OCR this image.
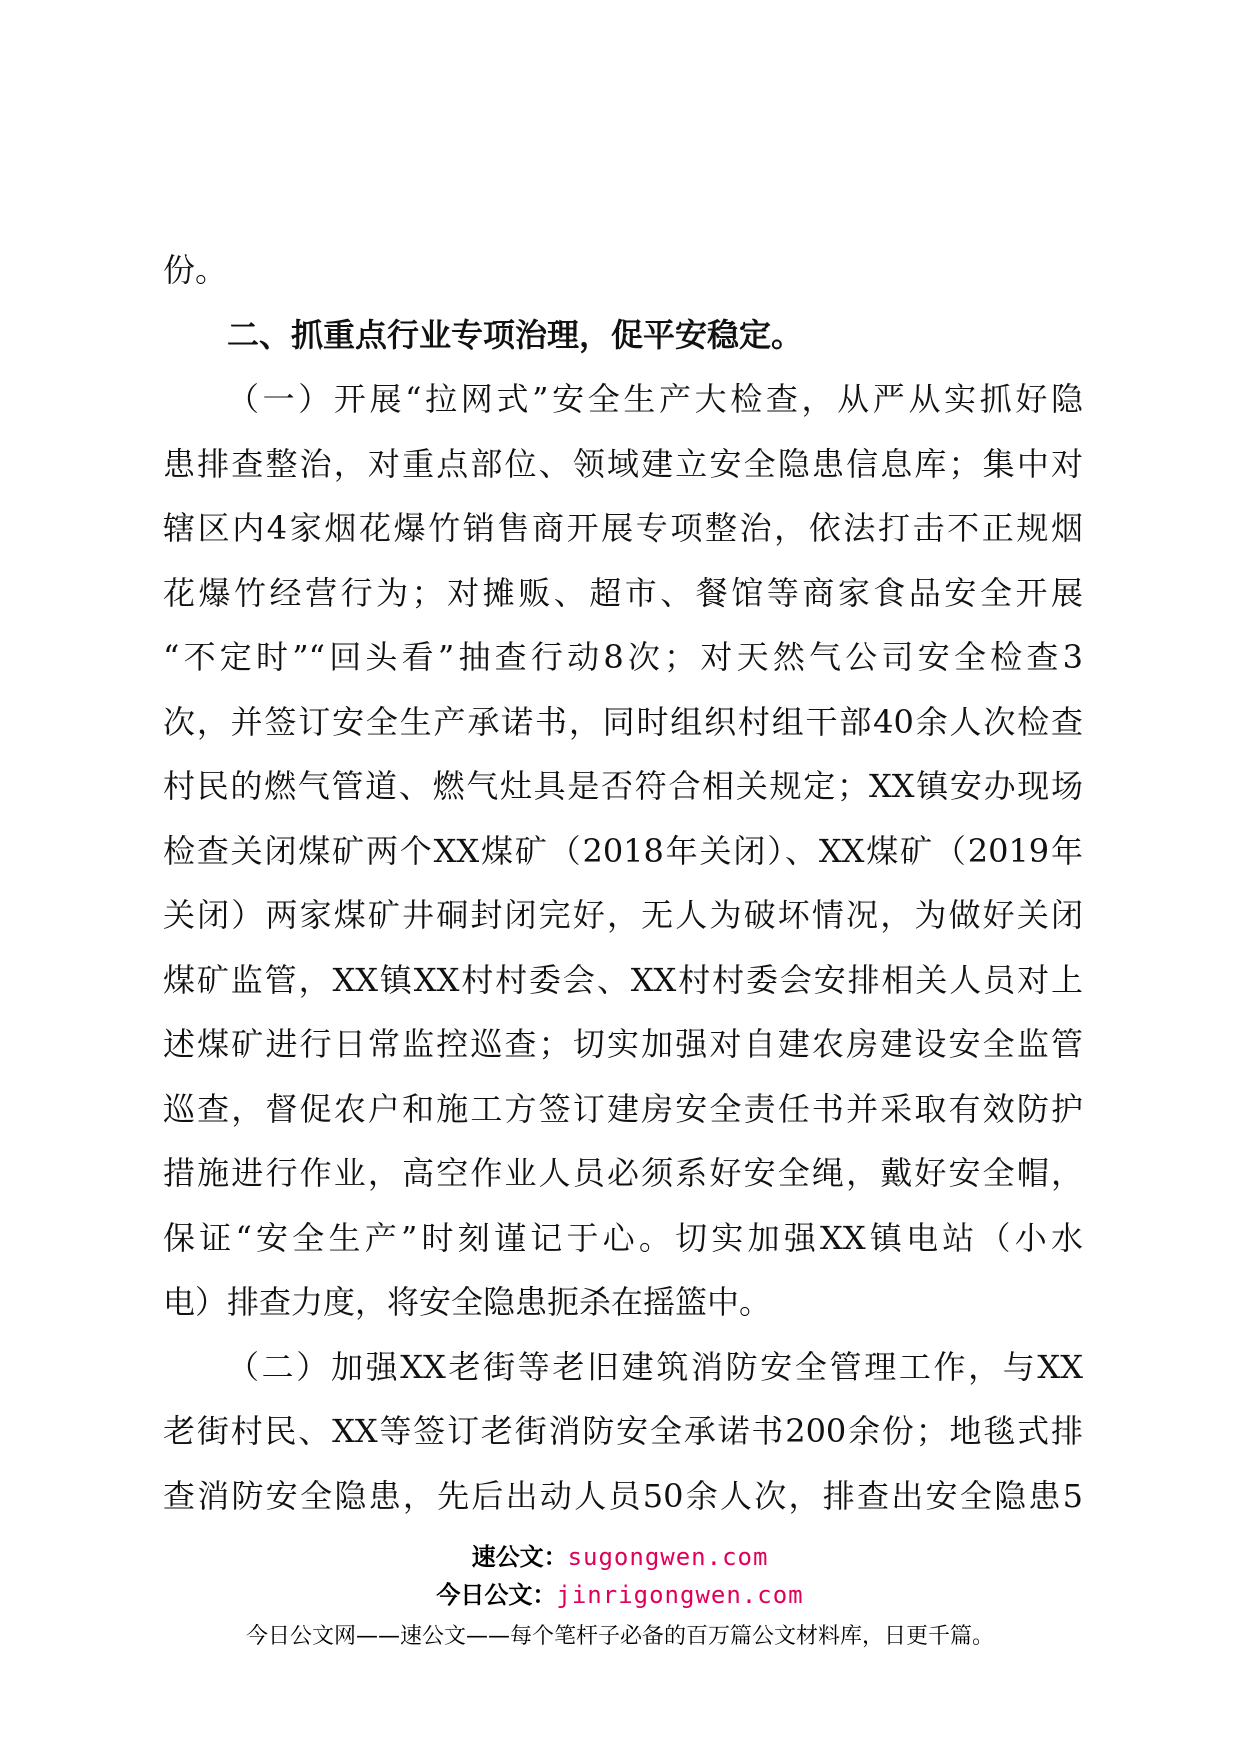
份。
二、抓重点行业专项治理，促平安稳定。
（一）开展“拉网式”安全生产大检查，从严从实抓好隐
患排查整治，对重点部位、领域建立安全隐患信息库；集中对
辖区内4家烟花爆竹销售商开展专项整治，依法打击不正规烟
花爆竹经营行为；对摊贩、超市、餐馆等商家食品安全开展
“不定时”“回头看”抽查行动8次；对天然气公司安全检查3
次，并签订安全生产承诺书，同时组织村组干部40余人次检查
村民的燃气管道、燃气灶具是否符合相关规定；XX镇安办现场
检查关闭煤矿两个XX煤矿（2018年关闭）、XX煤矿（2019年
关闭）两家煤矿井硐封闭完好，无人为破坏情况，为做好关闭
煤矿监管，XX镇XX村村委会、XX村村委会安排相关人员对上
述煤矿进行日常监控巡查；切实加强对自建农房建设安全监管
巡查，督促农户和施工方签订建房安全责任书并采取有效防护
措施进行作业，高空作业人员必须系好安全绳，戴好安全帽，
保证“安全生产”时刻谨记于心。切实加强XX镇电站（小水
电）排查力度，将安全隐患扼杀在摇篮中。
（二）加强XX老街等老旧建筑消防安全管理工作，与XX
老街村民、XX等签订老街消防安全承诺书200余份；地毯式排
查消防安全隐患，先后出动人员50余人次，排查出安全隐患5
速公文：sugongwen.com
今日公文：jinrigongwen.com
今日公文网——速公文——每个笔杆子必备的百万篇公文材料库，日更千篇。
